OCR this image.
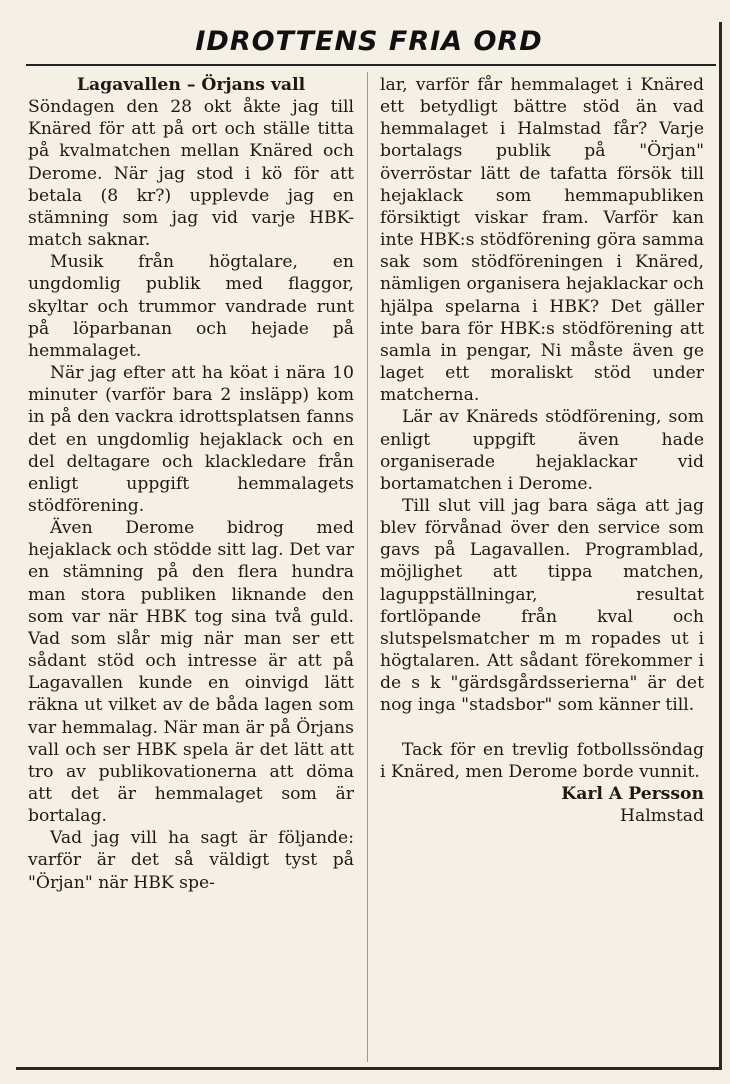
IDROTTENS FRIA ORD

Lagavallen – Örjans vall

Söndagen den 28 okt åkte jag till Knäred för att på ort och ställe titta på kvalmatchen mellan Knäred och Derome. När jag stod i kö för att betala (8 kr?) upplevde jag en stämning som jag vid varje HBK-match saknar.

Musik från högtalare, en ungdomlig publik med flaggor, skyltar och trummor vandrade runt på löparbanan och hejade på hemmalaget.

När jag efter att ha köat i nära 10 minuter (varför bara 2 insläpp) kom in på den vackra idrottsplatsen fanns det en ungdomlig hejaklack och en del deltagare och klackledare från enligt uppgift hemmalagets stödförening.

Även Derome bidrog med hejaklack och stödde sitt lag. Det var en stämning på den flera hundra man stora publiken liknande den som var när HBK tog sina två guld. Vad som slår mig när man ser ett sådant stöd och intresse är att på Lagavallen kunde en oinvigd lätt räkna ut vilket av de båda lagen som var hemmalag. När man är på Örjans vall och ser HBK spela är det lätt att tro av publikovationerna att döma att det är hemmalaget som är bortalag.

Vad jag vill ha sagt är följande: varför är det så väldigt tyst på "Örjan" när HBK spe-

lar, varför får hemmalaget i Knäred ett betydligt bättre stöd än vad hemmalaget i Halmstad får? Varje bortalags publik på "Örjan" överröstar lätt de tafatta försök till hejaklack som hemmapubliken försiktigt viskar fram. Varför kan inte HBK:s stödförening göra samma sak som stödföreningen i Knäred, nämligen organisera hejaklackar och hjälpa spelarna i HBK? Det gäller inte bara för HBK:s stödförening att samla in pengar, Ni måste även ge laget ett moraliskt stöd under matcherna.

Lär av Knäreds stödförening, som enligt uppgift även hade organiserade hejaklackar vid bortamatchen i Derome.

Till slut vill jag bara säga att jag blev förvånad över den service som gavs på Lagavallen. Programblad, möjlighet att tippa matchen, laguppställningar, resultat fortlöpande från kval och slutspelsmatcher m m ropades ut i högtalaren. Att sådant förekommer i de s k "gärdsgårdsserierna" är det nog inga "stadsbor" som känner till.

Tack för en trevlig fotbollssöndag i Knäred, men Derome borde vunnit.

Karl A Persson

Halmstad
